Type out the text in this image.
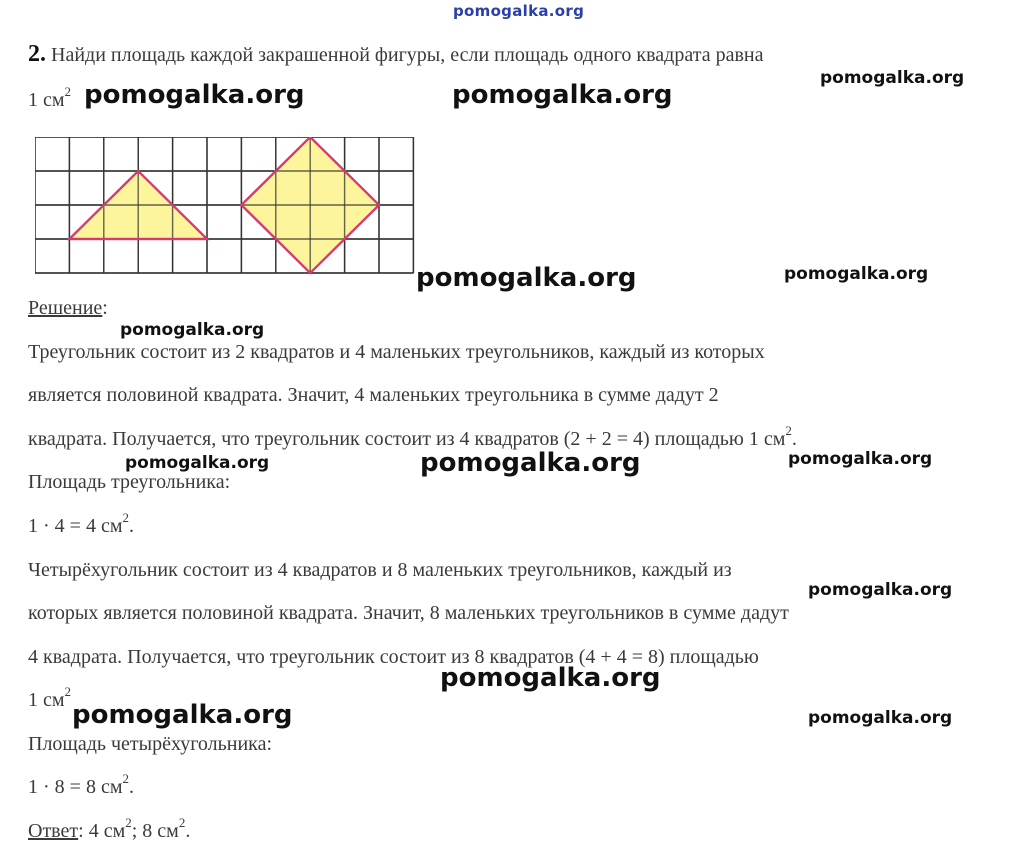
pomogalka.org
2. Найди площадь каждой закрашенной фигуры, если площадь одного квадрата равна
1 $см^2$
Решение:
Треугольник состоит из 2 квадратов и 4 маленьких треугольников, каждый из которых
является половиной квадрата. Значит, 4 маленьких треугольника в сумме дадут 2
квадрата. Получается, что треугольник состоит из 4 квадратов (2 + 2 = 4) площадью 1 $см^2$.
Площадь треугольника:
1 · 4 = 4 $см^2$.
Четырёхугольник состоит из 4 квадратов и 8 маленьких треугольников, каждый из
которых является половиной квадрата. Значит, 8 маленьких треугольников в сумме дадут
4 квадрата. Получается, что треугольник состоит из 8 квадратов (4 + 4 = 8) площадью
1 $см^2$
Площадь четырёхугольника:
1 · 8 = 8 $см^2$.
Ответ: 4 $см^2$; 8 $см^2$.
pomogalka.org
pomogalka.org	pomogalka.org
pomogalka.org	pomogalka.org
pomogalka.org
pomogalka.org	pomogalka.org	pomogalka.org
pomogalka.org
pomogalka.org
pomogalka.org	pomogalka.org
